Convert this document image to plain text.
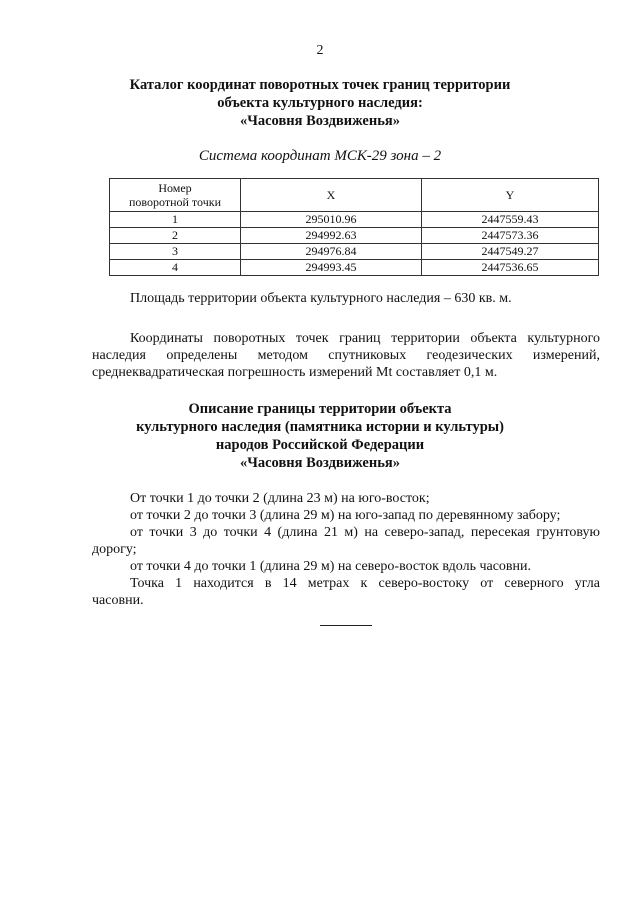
2
Каталог координат поворотных точек границ территории
объекта культурного наследия:
«Часовня Воздвиженья»
Система координат МСК-29 зона – 2
Номер
поворотной точки	X	Y
1	295010.96	2447559.43
2	294992.63	2447573.36
3	294976.84	2447549.27
4	294993.45	2447536.65
Площадь территории объекта культурного наследия – 630 кв. м.
Координаты поворотных точек границ территории объекта культурного
наследия определены методом спутниковых геодезических измерений,
среднеквадратическая погрешность измерений Mt составляет 0,1 м.
Описание границы территории объекта
культурного наследия (памятника истории и культуры)
народов Российской Федерации
«Часовня Воздвиженья»
От точки 1 до точки 2 (длина 23 м) на юго-восток;
от точки 2 до точки 3 (длина 29 м) на юго-запад по деревянному забору;
от точки 3 до точки 4 (длина 21 м) на северо-запад, пересекая грунтовую
дорогу;
от точки 4 до точки 1 (длина 29 м) на северо-восток вдоль часовни.
Точка 1 находится в 14 метрах к северо-востоку от северного угла
часовни.
